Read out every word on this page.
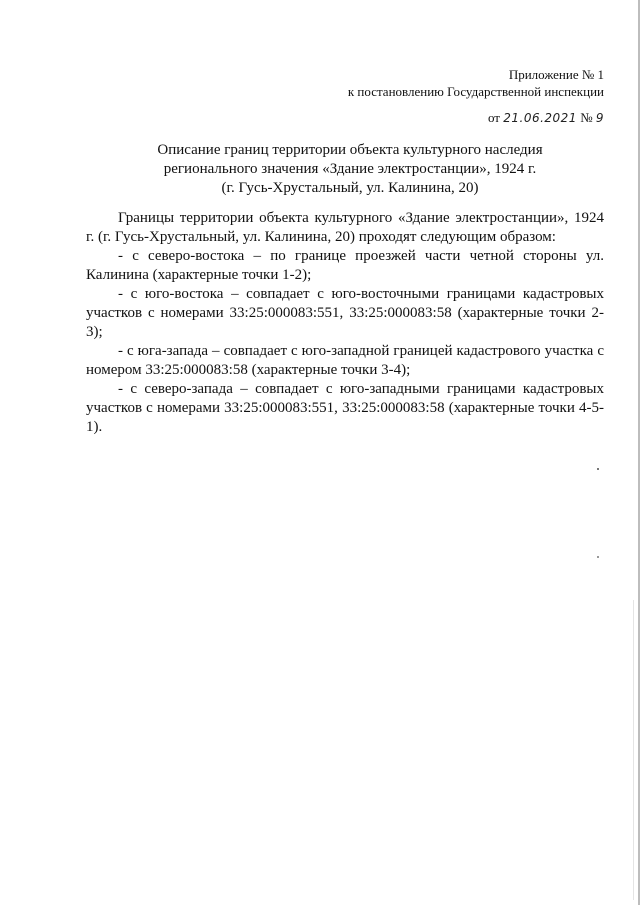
Приложение № 1
к постановлению Государственной инспекции
от 21.06.2021 № 9
Описание границ территории объекта культурного наследия
регионального значения «Здание электростанции», 1924 г.
(г. Гусь-Хрустальный, ул. Калинина, 20)

Границы территории объекта культурного «Здание электростанции», 1924 г. (г. Гусь-Хрустальный, ул. Калинина, 20) проходят следующим образом:

- с северо-востока – по границе проезжей части четной стороны ул. Калинина (характерные точки 1-2);

- с юго-востока – совпадает с юго-восточными границами кадастровых участков с номерами 33:25:000083:551, 33:25:000083:58 (характерные точки 2-3);

- с юга-запада – совпадает с юго-западной границей кадастрового участка с номером 33:25:000083:58 (характерные точки 3-4);

- с северо-запада – совпадает с юго-западными границами кадастровых участков с номерами 33:25:000083:551, 33:25:000083:58 (характерные точки 4-5-1).
